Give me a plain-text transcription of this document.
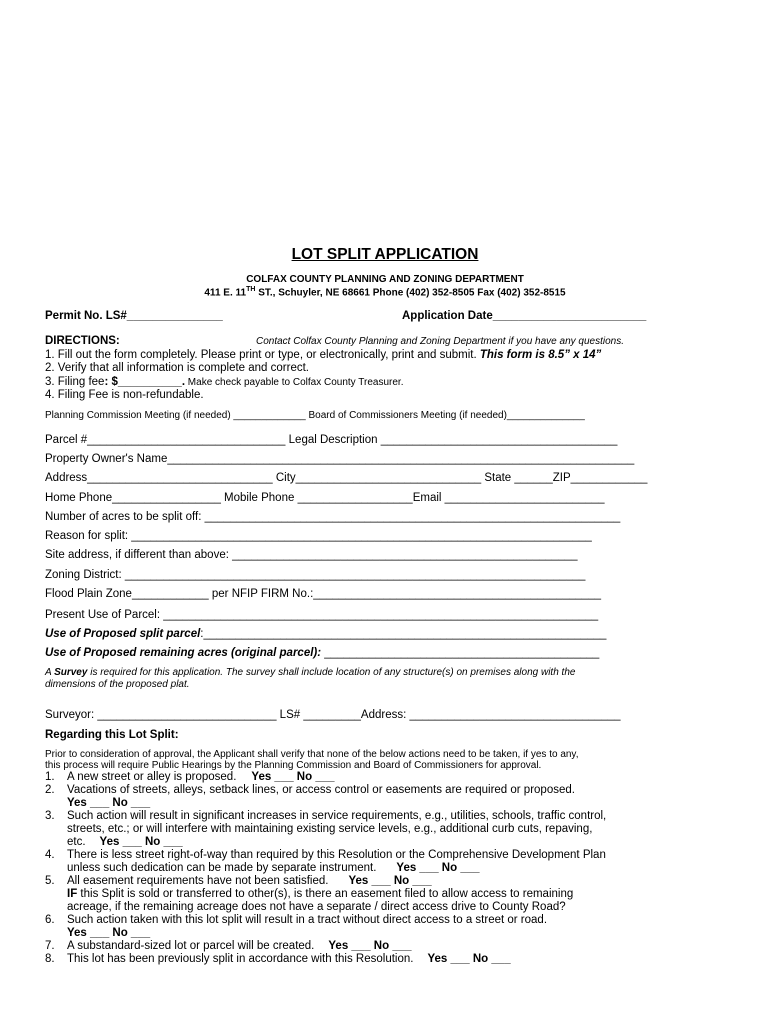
LOT SPLIT APPLICATION
COLFAX COUNTY PLANNING AND ZONING DEPARTMENT
411 E. 11TH ST., Schuyler, NE 68661 Phone (402) 352-8505 Fax (402) 352-8515
Permit No. LS#_______________	Application Date________________________
DIRECTIONS:	Contact Colfax County Planning and Zoning Department if you have any questions.
1. Fill out the form completely. Please print or type, or electronically, print and submit. This form is 8.5” x 14”
2. Verify that all information is complete and correct.
3. Filing fee: $__________. Make check payable to Colfax County Treasurer.
4. Filing Fee is non-refundable.
Planning Commission Meeting (if needed) _____________ Board of Commissioners Meeting (if needed)______________
Parcel #_______________________________ Legal Description _____________________________________
Property Owner's Name_________________________________________________________________________
Address_____________________________ City_____________________________ State ______ZIP____________
Home Phone_________________ Mobile Phone __________________Email _________________________
Number of acres to be split off: _________________________________________________________________
Reason for split: ________________________________________________________________________
Site address, if different than above: ______________________________________________________
Zoning District: ________________________________________________________________________
Flood Plain Zone____________ per NFIP FIRM No.:_____________________________________________
Present Use of Parcel: ____________________________________________________________________
Use of Proposed split parcel:_______________________________________________________________
Use of Proposed remaining acres (original parcel): ___________________________________________
A Survey is required for this application. The survey shall include location of any structure(s) on premises along with the
dimensions of the proposed plat.
Surveyor: ____________________________ LS# _________Address: _________________________________
Regarding this Lot Split:
Prior to consideration of approval, the Applicant shall verify that none of the below actions need to be taken, if yes to any,
this process will require Public Hearings by the Planning Commission and Board of Commissioners for approval.
1. A new street or alley is proposed. Yes ___ No ___
2. Vacations of streets, alleys, setback lines, or access control or easements are required or proposed.
Yes ___ No ___
3. Such action will result in significant increases in service requirements, e.g., utilities, schools, traffic control,
streets, etc.; or will interfere with maintaining existing service levels, e.g., additional curb cuts, repaving,
etc. Yes ___ No ___
4. There is less street right-of-way than required by this Resolution or the Comprehensive Development Plan
unless such dedication can be made by separate instrument. Yes ___ No ___
5. All easement requirements have not been satisfied. Yes ___ No ___
IF this Split is sold or transferred to other(s), is there an easement filed to allow access to remaining
acreage, if the remaining acreage does not have a separate / direct access drive to County Road?
6. Such action taken with this lot split will result in a tract without direct access to a street or road.
Yes ___ No ___
7. A substandard-sized lot or parcel will be created. Yes ___ No ___
8. This lot has been previously split in accordance with this Resolution. Yes ___ No ___
